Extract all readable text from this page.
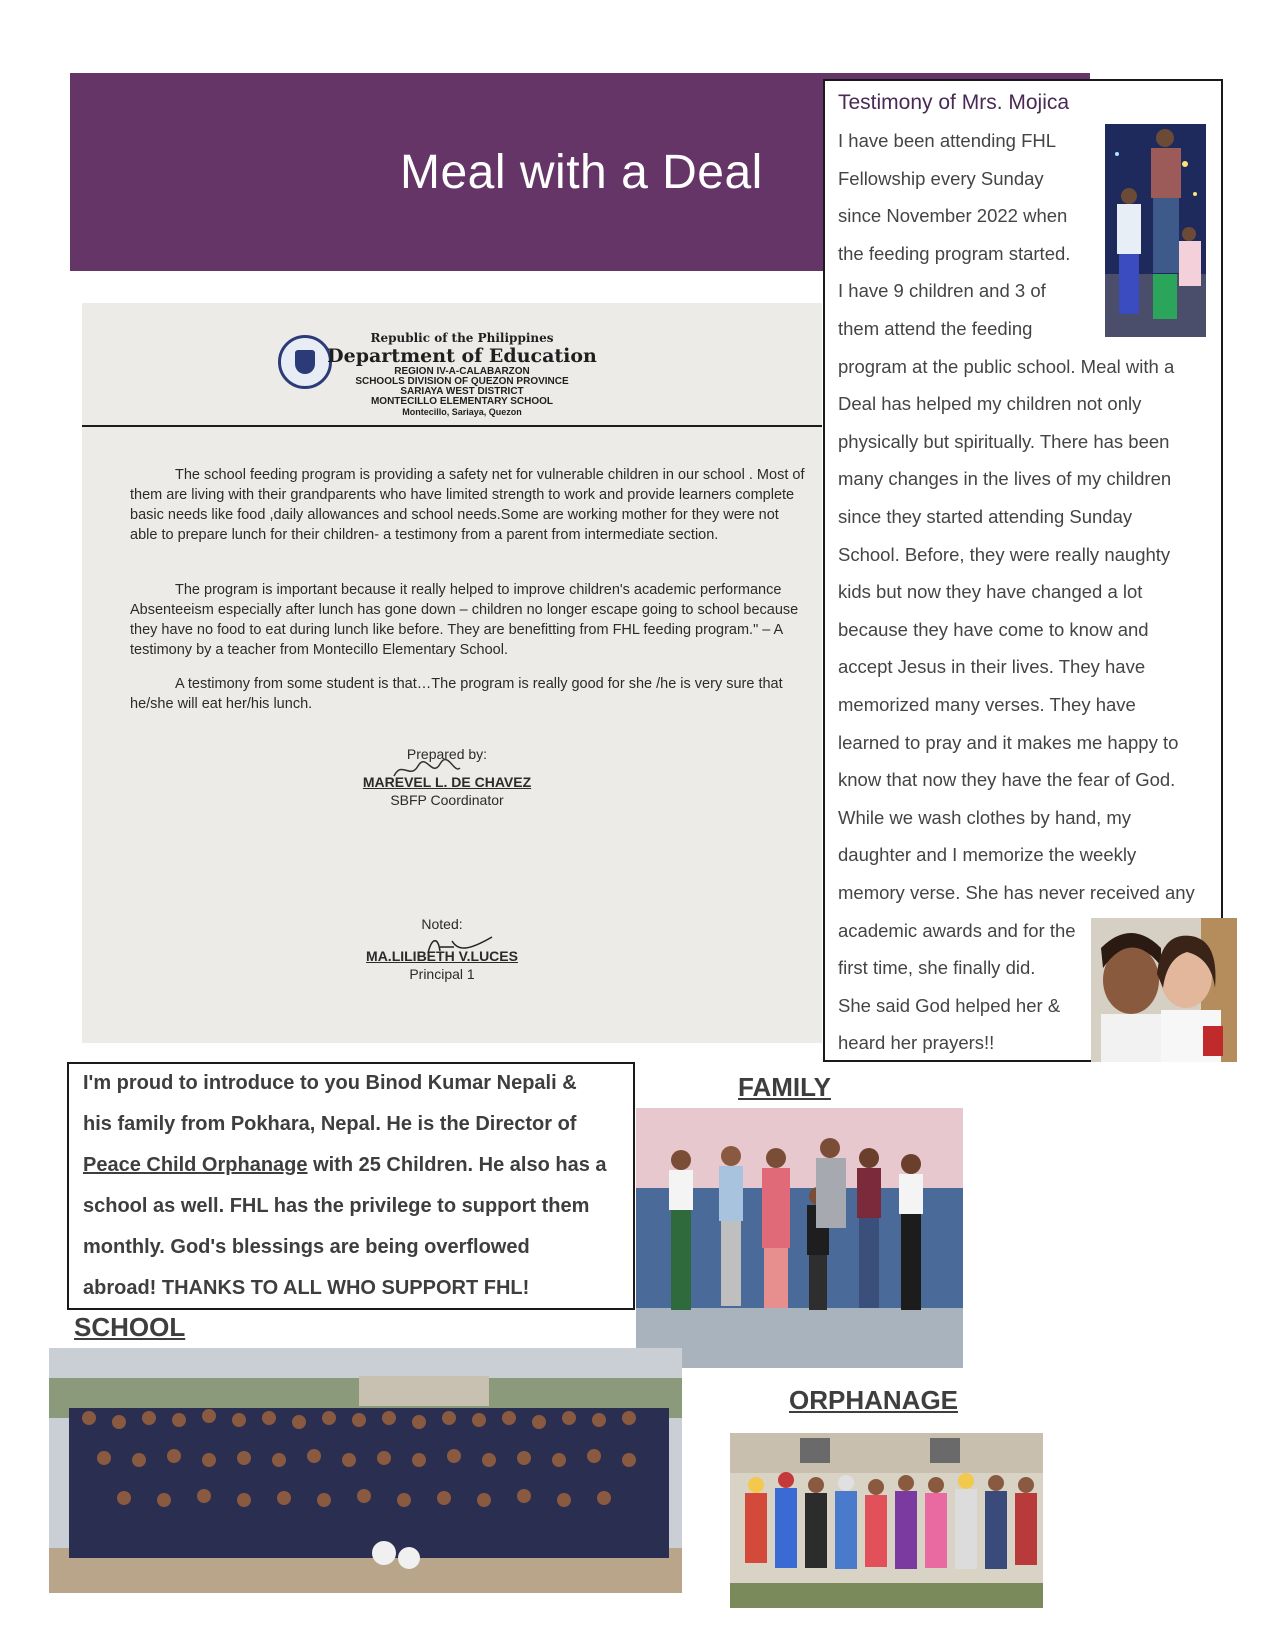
Meal with a Deal
Republic of the Philippines
Department of Education
REGION IV-A-CALABARZON
SCHOOLS DIVISION OF QUEZON PROVINCE
SARIAYA WEST DISTRICT
MONTECILLO ELEMENTARY SCHOOL
Montecillo, Sariaya, Quezon

The school feeding program is providing a safety net for vulnerable children in our school . Most of them are living with their grandparents who have limited strength to work and provide learners complete basic needs like food ,daily allowances and school needs.Some are working mother for they were not able to prepare lunch for their children- a testimony from a parent from intermediate section.

The program is important because it really helped to improve children's academic performance Absenteeism especially after lunch has gone down – children no longer escape going to school because they have no food to eat during lunch like before. They are benefitting from FHL feeding program." – A testimony by a teacher from Montecillo Elementary School.

A testimony from some student is that…The program is really good for she /he is very sure that he/she will eat her/his lunch.

Prepared by:
MAREVEL L. DE CHAVEZ
SBFP Coordinator
Noted:
MA.LILIBETH V.LUCES
Principal 1
Testimony of Mrs. Mojica
I have been attending FHL
Fellowship every Sunday
since November 2022 when
the feeding program started.
I have 9 children and 3 of
them attend the feeding
program at the public school. Meal with a
Deal has helped my children not only
physically but spiritually. There has been
many changes in the lives of my children
since they started attending Sunday
School. Before, they were really naughty
kids but now they have changed a lot
because they have come to know and
accept Jesus in their lives. They have
memorized many verses. They have
learned to pray and it makes me happy to
know that now they have the fear of God.
While we wash clothes by hand, my
daughter and I memorize the weekly
memory verse. She has never received any
academic awards and for the
first time, she finally did.
She said God helped her &
heard her prayers!!
I'm proud to introduce to you Binod Kumar Nepali &
his family from Pokhara, Nepal. He is the Director of
Peace Child Orphanage with 25 Children. He also has a
school as well. FHL has the privilege to support them
monthly. God's blessings are being overflowed
abroad! THANKS TO ALL WHO SUPPORT FHL!
FAMILY
SCHOOL
ORPHANAGE
